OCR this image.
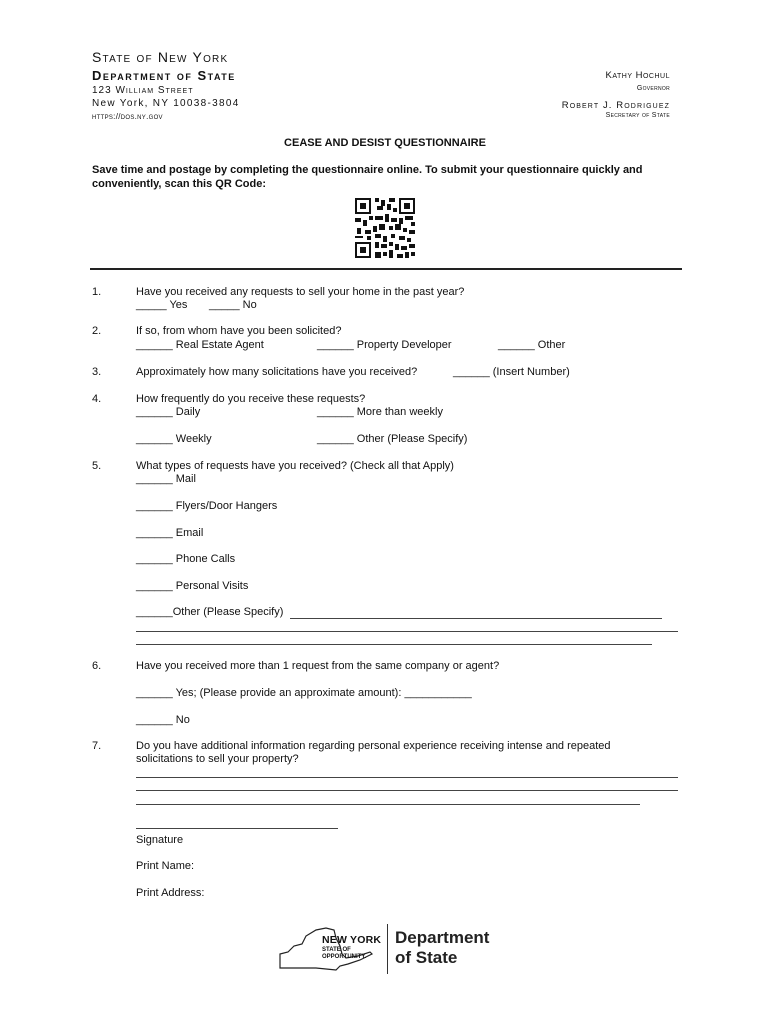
State of New York
Department of State
123 William Street
New York, NY 10038-3804
https://dos.ny.gov
Kathy Hochul
Governor
Robert J. Rodriguez
Secretary of State
CEASE AND DESIST QUESTIONNAIRE
Save time and postage by completing the questionnaire online. To submit your questionnaire quickly and conveniently, scan this QR Code:
1.	Have you received any requests to sell your home in the past year?
_____ Yes _____ No
2.	If so, from whom have you been solicited?
______ Real Estate Agent	______ Property Developer	______ Other
3.	Approximately how many solicitations have you received?	______ (Insert Number)
4.	How frequently do you receive these requests?
______ Daily	______ More than weekly
______ Weekly	______ Other (Please Specify)
5.	What types of requests have you received? (Check all that Apply)
______ Mail
______ Flyers/Door Hangers
______ Email
______ Phone Calls
______ Personal Visits
______Other (Please Specify)
6.	Have you received more than 1 request from the same company or agent?
______ Yes; (Please provide an approximate amount): ___________
______ No
7.	Do you have additional information regarding personal experience receiving intense and repeated
solicitations to sell your property?
Signature
Print Name:
Print Address:
NEW YORK
STATE OF
OPPORTUNITY.
Department
of State
